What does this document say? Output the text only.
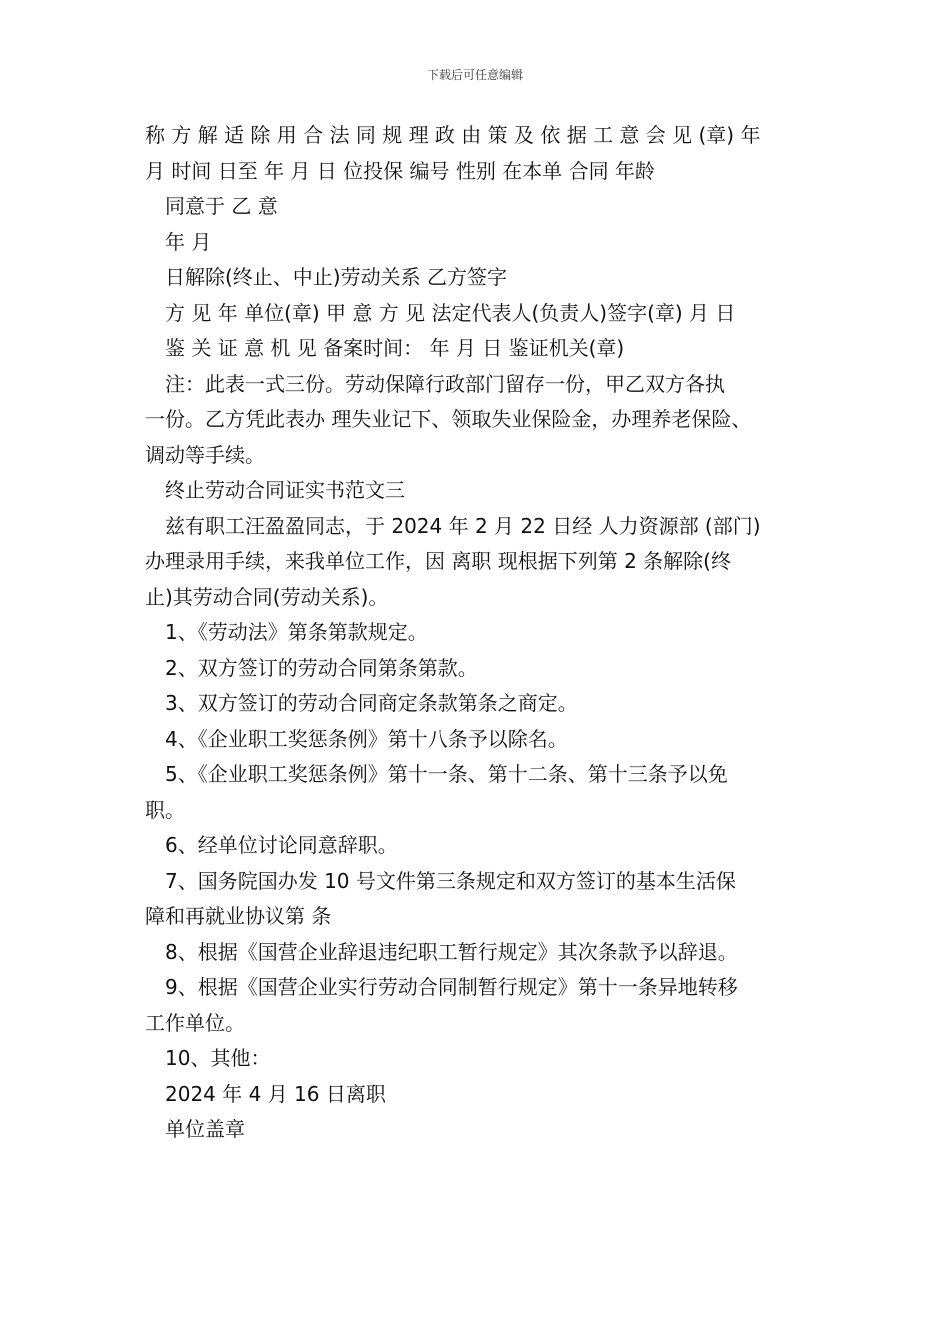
下载后可任意编辑
称 方 解 适 除 用 合 法 同 规 理 政 由 策 及 依 据 工 意 会 见 (章) 年
月 时间 日至 年 月 日 位投保 编号 性别 在本单 合同 年龄
同意于 乙 意
年 月
日解除(终止、中止)劳动关系 乙方签字
方 见 年 单位(章) 甲 意 方 见 法定代表人(负责人)签字(章) 月 日
鉴 关 证 意 机 见 备案时间： 年 月 日 鉴证机关(章)
注：此表一式三份。劳动保障行政部门留存一份，甲乙双方各执
一份。乙方凭此表办 理失业记下、领取失业保险金，办理养老保险、
调动等手续。
终止劳动合同证实书范文三
兹有职工汪盈盈同志，于 2024 年 2 月 22 日经 人力资源部 (部门)
办理录用手续，来我单位工作，因 离职 现根据下列第 2 条解除(终
止)其劳动合同(劳动关系)。
1、《劳动法》第条第款规定。
2、双方签订的劳动合同第条第款。
3、双方签订的劳动合同商定条款第条之商定。
4、《企业职工奖惩条例》第十八条予以除名。
5、《企业职工奖惩条例》第十一条、第十二条、第十三条予以免
职。
6、经单位讨论同意辞职。
7、国务院国办发 10 号文件第三条规定和双方签订的基本生活保
障和再就业协议第 条
8、根据《国营企业辞退违纪职工暂行规定》其次条款予以辞退。
9、根据《国营企业实行劳动合同制暂行规定》第十一条异地转移
工作单位。
10、其他：
2024 年 4 月 16 日离职
单位盖章
